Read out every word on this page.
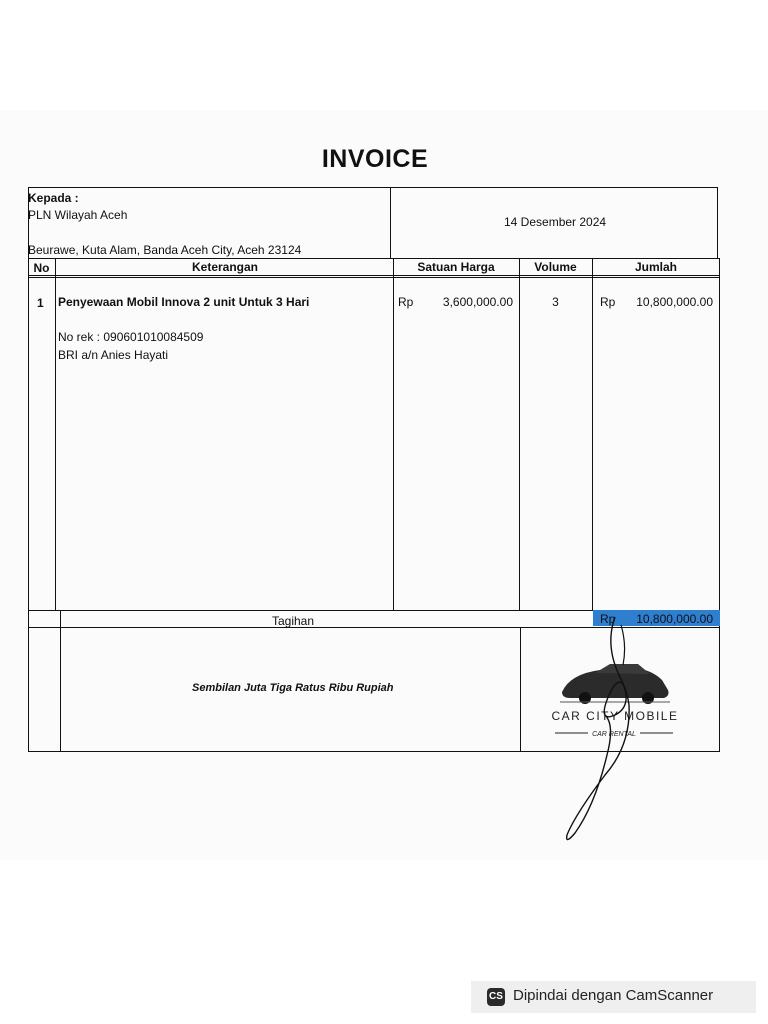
INVOICE
Kepada :
PLN Wilayah Aceh
Beurawe, Kuta Alam, Banda Aceh City, Aceh 23124
14 Desember 2024
No	Keterangan	Satuan Harga	Volume	Jumlah
1 Penyewaan Mobil Innova 2 unit Untuk 3 Hari	Rp	3,600,000.00	3	Rp	10,800,000.00
No rek : 090601010084509
BRI a/n Anies Hayati
Tagihan	Rp	10,800,000.00
Sembilan Juta Tiga Ratus Ribu Rupiah
CAR CITY MOBILE
CAR RENTAL
CS Dipindai dengan CamScanner
